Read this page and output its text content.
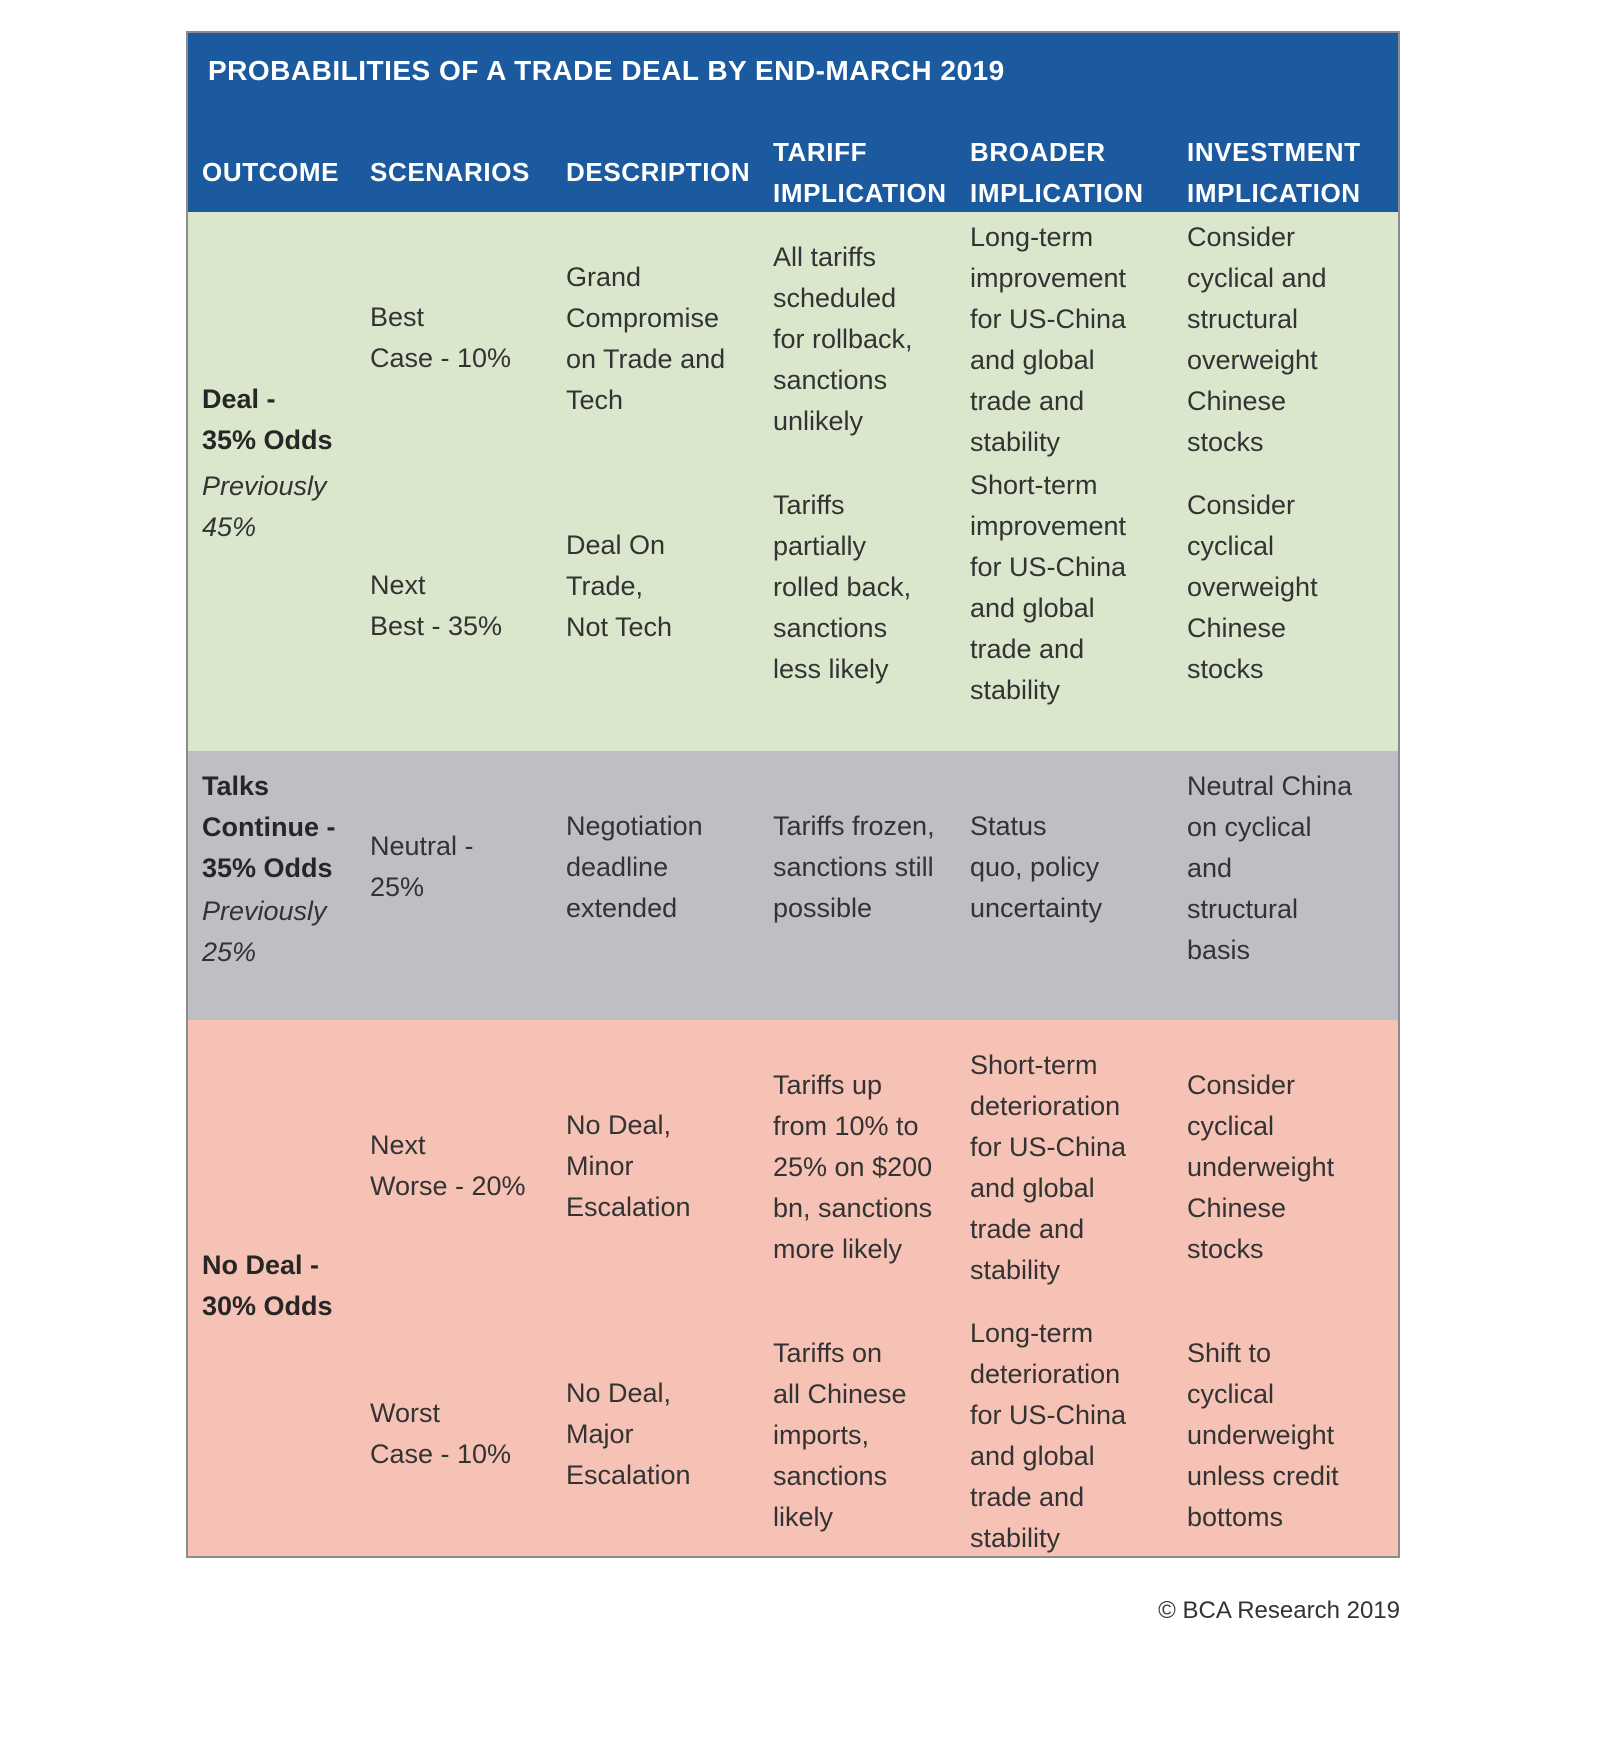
PROBABILITIES OF A TRADE DEAL BY END-MARCH 2019
OUTCOME SCENARIOS DESCRIPTION
TARIFF
IMPLICATION
BROADER
IMPLICATION
INVESTMENT
IMPLICATION
Deal -
35% Odds
Previously
45%
Best
Case - 10%
Grand
Compromise
on Trade and
Tech
All tariffs
scheduled
for rollback,
sanctions
unlikely
Long-term
improvement
for US-China
and global
trade and
stability
Consider
cyclical and
structural
overweight
Chinese
stocks
Next
Best - 35%
Deal On
Trade,
Not Tech
Tariffs
partially
rolled back,
sanctions
less likely
Short-term
improvement
for US-China
and global
trade and
stability
Consider
cyclical
overweight
Chinese
stocks
Talks
Continue -
35% Odds
Previously
25%
Neutral -
25%
Negotiation
deadline
extended
Tariffs frozen,
sanctions still
possible
Status
quo, policy
uncertainty
Neutral China
on cyclical
and
structural
basis
No Deal -
30% Odds
Next
Worse - 20%
No Deal,
Minor
Escalation
Tariffs up
from 10% to
25% on $200
bn, sanctions
more likely
Short-term
deterioration
for US-China
and global
trade and
stability
Consider
cyclical
underweight
Chinese
stocks
Worst
Case - 10%
No Deal,
Major
Escalation
Tariffs on
all Chinese
imports,
sanctions
likely
Long-term
deterioration
for US-China
and global
trade and
stability
Shift to
cyclical
underweight
unless credit
bottoms
© BCA Research 2019
